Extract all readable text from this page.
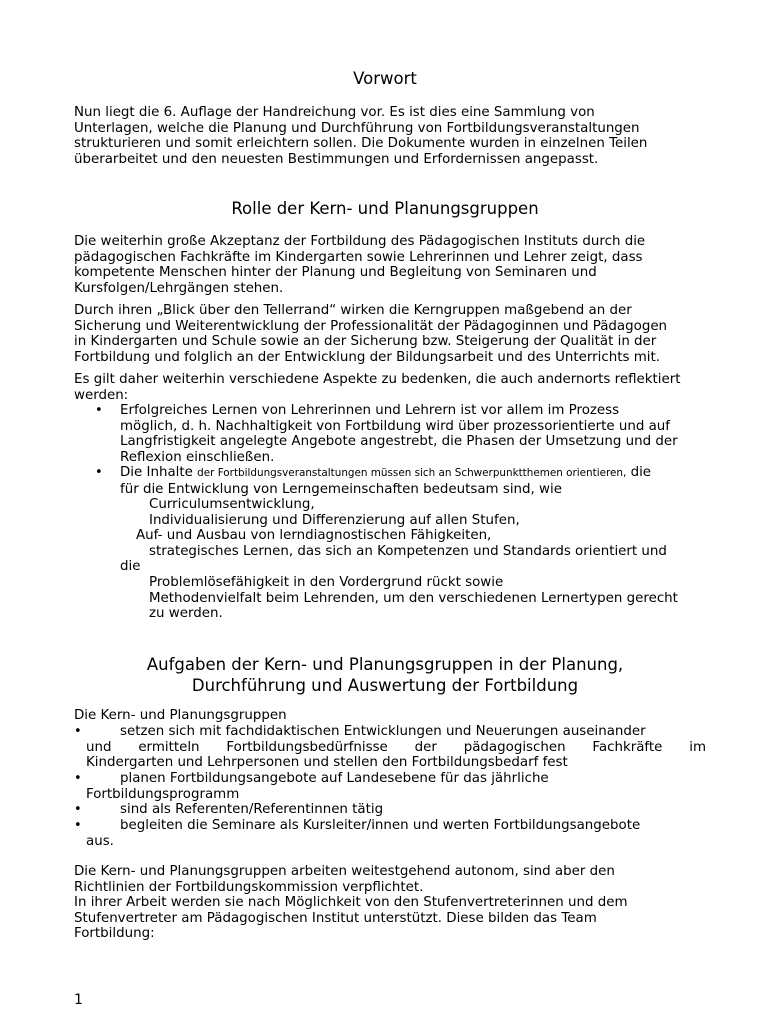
Vorwort
Nun liegt die 6. Auflage der Handreichung vor. Es ist dies eine Sammlung von
Unterlagen, welche die Planung und Durchführung von Fortbildungsveranstaltungen
strukturieren und somit erleichtern sollen. Die Dokumente wurden in einzelnen Teilen
überarbeitet und den neuesten Bestimmungen und Erfordernissen angepasst.
Rolle der Kern- und Planungsgruppen
Die weiterhin große Akzeptanz der Fortbildung des Pädagogischen Instituts durch die
pädagogischen Fachkräfte im Kindergarten sowie Lehrerinnen und Lehrer zeigt, dass
kompetente Menschen hinter der Planung und Begleitung von Seminaren und
Kursfolgen/Lehrgängen stehen.
Durch ihren „Blick über den Tellerrand“ wirken die Kerngruppen maßgebend an der
Sicherung und Weiterentwicklung der Professionalität der Pädagoginnen und Pädagogen
in Kindergarten und Schule sowie an der Sicherung bzw. Steigerung der Qualität in der
Fortbildung und folglich an der Entwicklung der Bildungsarbeit und des Unterrichts mit.
Es gilt daher weiterhin verschiedene Aspekte zu bedenken, die auch andernorts reflektiert
werden:
• Erfolgreiches Lernen von Lehrerinnen und Lehrern ist vor allem im Prozess
möglich, d. h. Nachhaltigkeit von Fortbildung wird über prozessorientierte und auf
Langfristigkeit angelegte Angebote angestrebt, die Phasen der Umsetzung und der
Reflexion einschließen.
• Die Inhalte der Fortbildungsveranstaltungen müssen sich an Schwerpunktthemen orientieren, die
für die Entwicklung von Lerngemeinschaften bedeutsam sind, wie
Curriculumsentwicklung,
Individualisierung und Differenzierung auf allen Stufen,
Auf- und Ausbau von lerndiagnostischen Fähigkeiten,
strategisches Lernen, das sich an Kompetenzen und Standards orientiert und
die
Problemlösefähigkeit in den Vordergrund rückt sowie
Methodenvielfalt beim Lehrenden, um den verschiedenen Lernertypen gerecht
zu werden.
Aufgaben der Kern- und Planungsgruppen in der Planung,
Durchführung und Auswertung der Fortbildung
Die Kern- und Planungsgruppen
•	setzen sich mit fachdidaktischen Entwicklungen und Neuerungen auseinander
und ermitteln Fortbildungsbedürfnisse der pädagogischen Fachkräfte im
Kindergarten und Lehrpersonen und stellen den Fortbildungsbedarf fest
•	planen Fortbildungsangebote auf Landesebene für das jährliche
Fortbildungsprogramm
•	sind als Referenten/Referentinnen tätig
•	begleiten die Seminare als Kursleiter/innen und werten Fortbildungsangebote
aus.
Die Kern- und Planungsgruppen arbeiten weitestgehend autonom, sind aber den
Richtlinien der Fortbildungskommission verpflichtet.
In ihrer Arbeit werden sie nach Möglichkeit von den Stufenvertreterinnen und dem
Stufenvertreter am Pädagogischen Institut unterstützt. Diese bilden das Team
Fortbildung:
1
